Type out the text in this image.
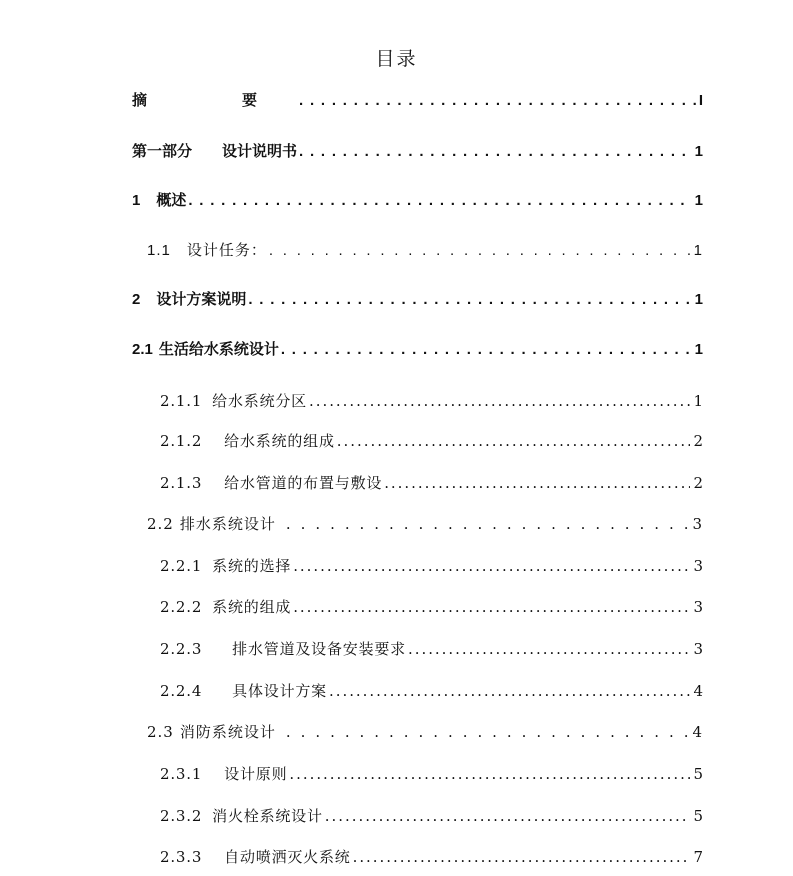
目录
摘　要 . . .	I
第一部分 设计说明书 . . .	1
1 概述 . . .	1
1.1 设计任务： . . .	1
2 设计方案说明 . . .	1
2.1 生活给水系统设计 . . .	1
2.1.1 给水系统分区 . . .	1
2.1.2 给水系统的组成 . . .	2
2.1.3 给水管道的布置与敷设 . . .	2
2.2 排水系统设计 . . .	3
2.2.1 系统的选择 . . .	3
2.2.2 系统的组成 . . .	3
2.2.3 排水管道及设备安装要求 . . .	3
2.2.4 具体设计方案 . . .	4
2.3 消防系统设计 . . .	4
2.3.1 设计原则 . . .	5
2.3.2 消火栓系统设计 . . .	5
2.3.3 自动喷洒灭火系统 . . .	7
